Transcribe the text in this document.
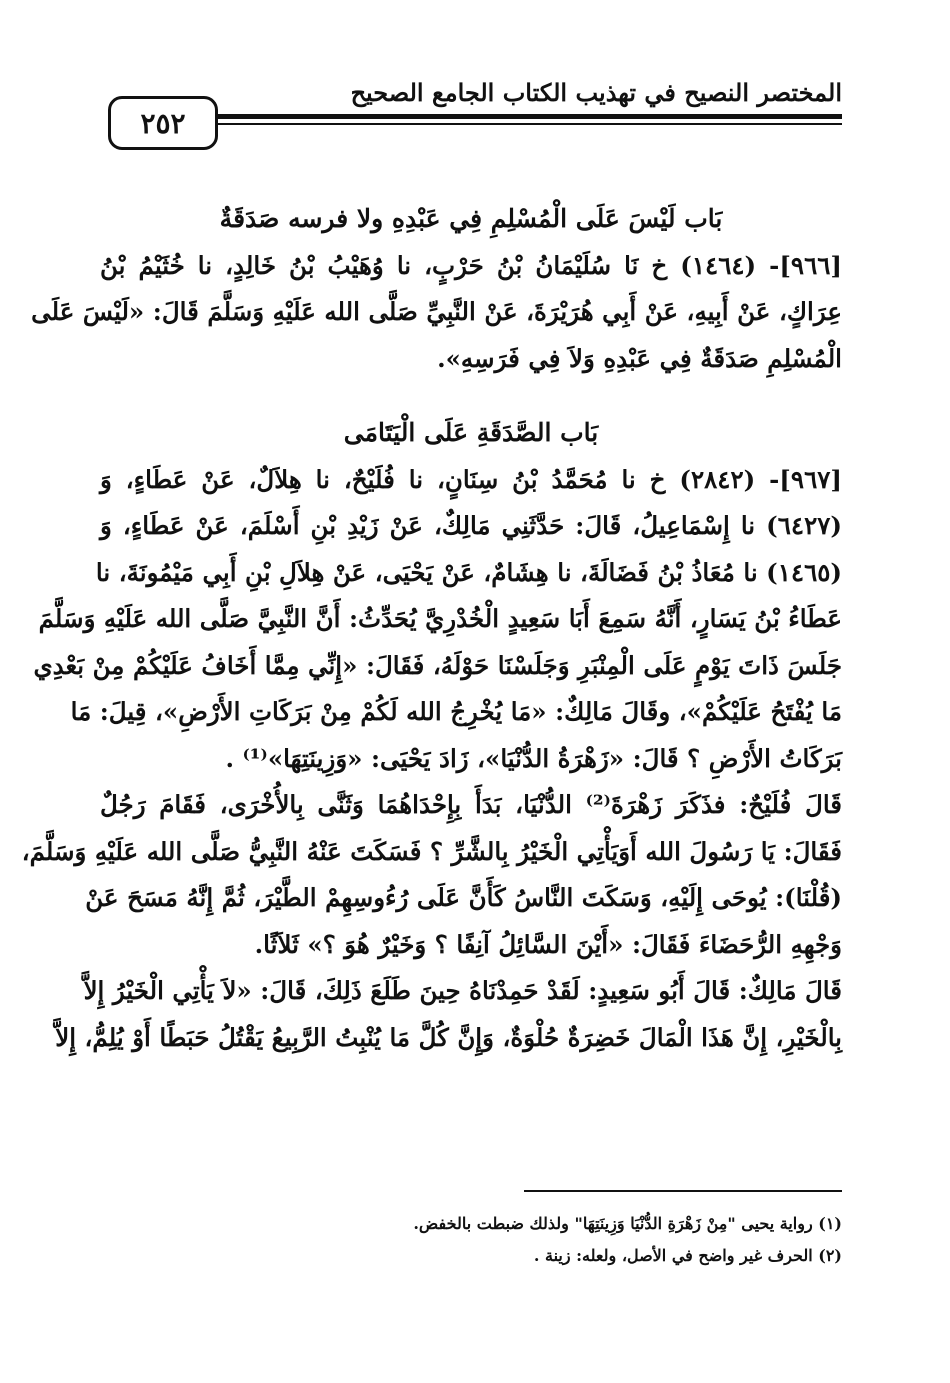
المختصر النصيح في تهذيب الكتاب الجامع الصحيح
٢٥٢

بَاب لَيْسَ عَلَى الْمُسْلِمِ فِي عَبْدِهِ ولا فرسه صَدَقَةٌ

[٩٦٦]- (١٤٦٤) خ نَا سُلَيْمَانُ بْنُ حَرْبٍ، نا وُهَيْبُ بْنُ خَالِدٍ، نا خُثَيْمُ بْنُ
عِرَاكٍ، عَنْ أَبِيهِ، عَنْ أَبِي هُرَيْرَةَ، عَنْ النَّبِيِّ صَلَّى الله عَلَيْهِ وَسَلَّمَ قَالَ: «لَيْسَ عَلَى
الْمُسْلِمِ صَدَقَةٌ فِي عَبْدِهِ وَلاَ فِي فَرَسِهِ».

بَاب الصَّدَقَةِ عَلَى الْيَتَامَى

[٩٦٧]- (٢٨٤٢) خ نا مُحَمَّدُ بْنُ سِنَانٍ، نا فُلَيْحٌ، نا هِلاَلٌ، عَنْ عَطَاءٍ، وَ
(٦٤٢٧) نا إِسْمَاعِيلُ، قَالَ: حَدَّثَنِي مَالِكٌ، عَنْ زَيْدِ بْنِ أَسْلَمَ، عَنْ عَطَاءٍ، وَ
(١٤٦٥) نا مُعَاذُ بْنُ فَضَالَةَ، نا هِشَامٌ، عَنْ يَحْيَى، عَنْ هِلاَلِ بْنِ أَبِي مَيْمُونَةَ، نا
عَطَاءُ بْنُ يَسَارٍ، أَنَّهُ سَمِعَ أَبَا سَعِيدٍ الْخُدْرِيَّ يُحَدِّثُ: أَنَّ النَّبِيَّ صَلَّى الله عَلَيْهِ وَسَلَّمَ
جَلَسَ ذَاتَ يَوْمٍ عَلَى الْمِنْبَرِ وَجَلَسْنَا حَوْلَهُ، فَقَالَ: «إِنِّي مِمَّا أَخَافُ عَلَيْكُمْ مِنْ بَعْدِي
مَا يُفْتَحُ عَلَيْكُمْ»، وقَالَ مَالِكٌ: «مَا يُخْرِجُ الله لَكُمْ مِنْ بَرَكَاتِ الأَرْضِ»، قِيلَ: مَا
بَرَكَاتُ الأَرْضِ ؟ قَالَ: «زَهْرَةُ الدُّنْيَا»، زَادَ يَحْيَى: «وَزِينَتِهَا»⁽¹⁾ .

قَالَ فُلَيْحٌ: فذَكَرَ زَهْرَةَ⁽²⁾ الدُّنْيَا، بَدَأَ بِإِحْدَاهُمَا وَثَنَّى بِالأُخْرَى، فَقَامَ رَجُلٌ
فَقَالَ: يَا رَسُولَ الله أَوَيَأْتِي الْخَيْرُ بِالشَّرِّ ؟ فَسَكَتَ عَنْهُ النَّبِيُّ صَلَّى الله عَلَيْهِ وَسَلَّمَ،
(قُلْنَا): يُوحَى إِلَيْهِ، وَسَكَتَ النَّاسُ كَأَنَّ عَلَى رُءُوسِهِمْ الطَّيْرَ، ثُمَّ إِنَّهُ مَسَحَ عَنْ
وَجْهِهِ الرُّحَضَاءَ فَقَالَ: «أَيْنَ السَّائِلُ آنِفًا ؟ وَخَيْرٌ هُوَ ؟» ثَلاَثًا.

قَالَ مَالِكٌ: قَالَ أَبُو سَعِيدٍ: لَقَدْ حَمِدْنَاهُ حِينَ طَلَعَ ذَلِكَ، قَالَ: «لاَ يَأْتِي الْخَيْرُ إِلاَّ
بِالْخَيْرِ، إِنَّ هَذَا الْمَالَ خَضِرَةٌ حُلْوَةٌ، وَإِنَّ كُلَّ مَا يُنْبِتُ الرَّبِيعُ يَقْتُلُ حَبَطًا أَوْ يُلِمُّ، إِلاَّ

(١) رواية يحيى "مِنْ زَهْرَةِ الدُّنْيَا وَزِينَتِهَا" ولذلك ضبطت بالخفض.

(٢) الحرف غير واضح في الأصل، ولعله: زينة .
